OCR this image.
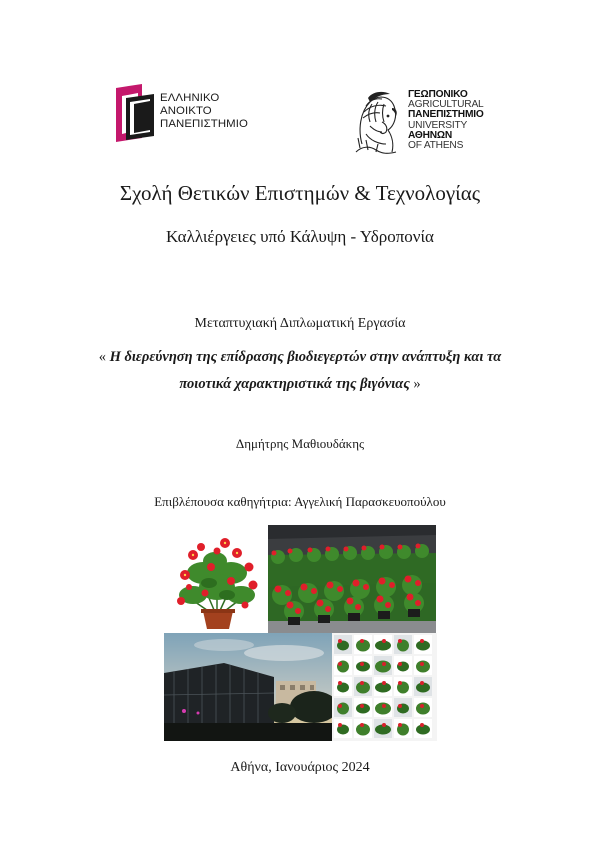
ΕΛΛΗΝΙΚΟ
ΑΝΟΙΚΤΟ
ΠΑΝΕΠΙΣΤΗΜΙΟ
ΓΕΩΠΟΝΙΚΟ
AGRICULTURAL
ΠΑΝΕΠΙΣΤΗΜΙΟ
UNIVERSITY
ΑΘΗΝΩΝ
OF ATHENS
Σχολή Θετικών Επιστημών & Τεχνολογίας
Καλλιέργειες υπό Κάλυψη - Υδροπονία
Μεταπτυχιακή Διπλωματική Εργασία
« Η διερεύνηση της επίδρασης βιοδιεγερτών στην ανάπτυξη και τα
ποιοτικά χαρακτηριστικά της βιγόνιας »
Δημήτρης Μαθιουδάκης
Επιβλέπουσα καθηγήτρια: Αγγελική Παρασκευοπούλου
Αθήνα, Ιανουάριος 2024
